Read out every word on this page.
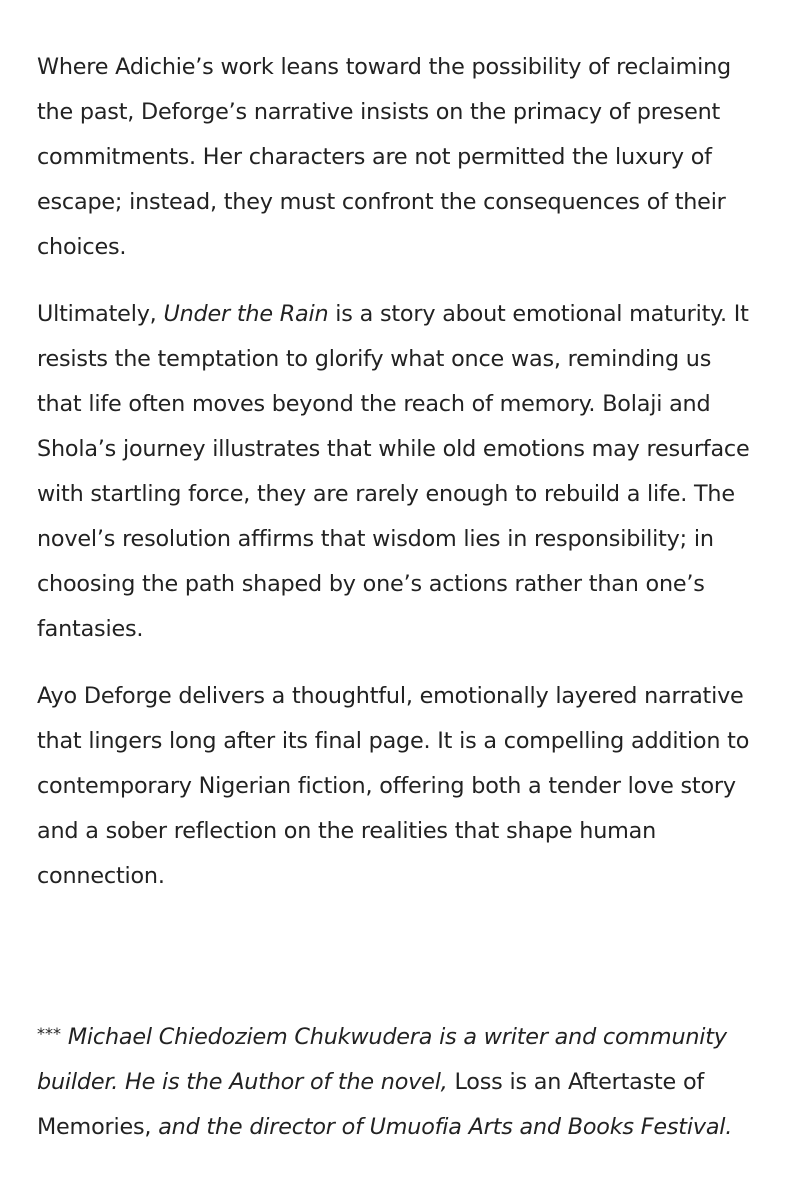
Where Adichie’s work leans toward the possibility of reclaiming the past, Deforge’s narrative insists on the primacy of present commitments. Her characters are not permitted the luxury of escape; instead, they must confront the consequences of their choices.

Ultimately, Under the Rain is a story about emotional maturity. It resists the temptation to glorify what once was, reminding us that life often moves beyond the reach of memory. Bolaji and Shola’s journey illustrates that while old emotions may resurface with startling force, they are rarely enough to rebuild a life. The novel’s resolution affirms that wisdom lies in responsibility; in choosing the path shaped by one’s actions rather than one’s fantasies.

Ayo Deforge delivers a thoughtful, emotionally layered narrative that lingers long after its final page. It is a compelling addition to contemporary Nigerian fiction, offering both a tender love story and a sober reflection on the realities that shape human connection.

*** Michael Chiedoziem Chukwudera is a writer and community builder. He is the Author of the novel, Loss is an Aftertaste of Memories, and the director of Umuofia Arts and Books Festival.
